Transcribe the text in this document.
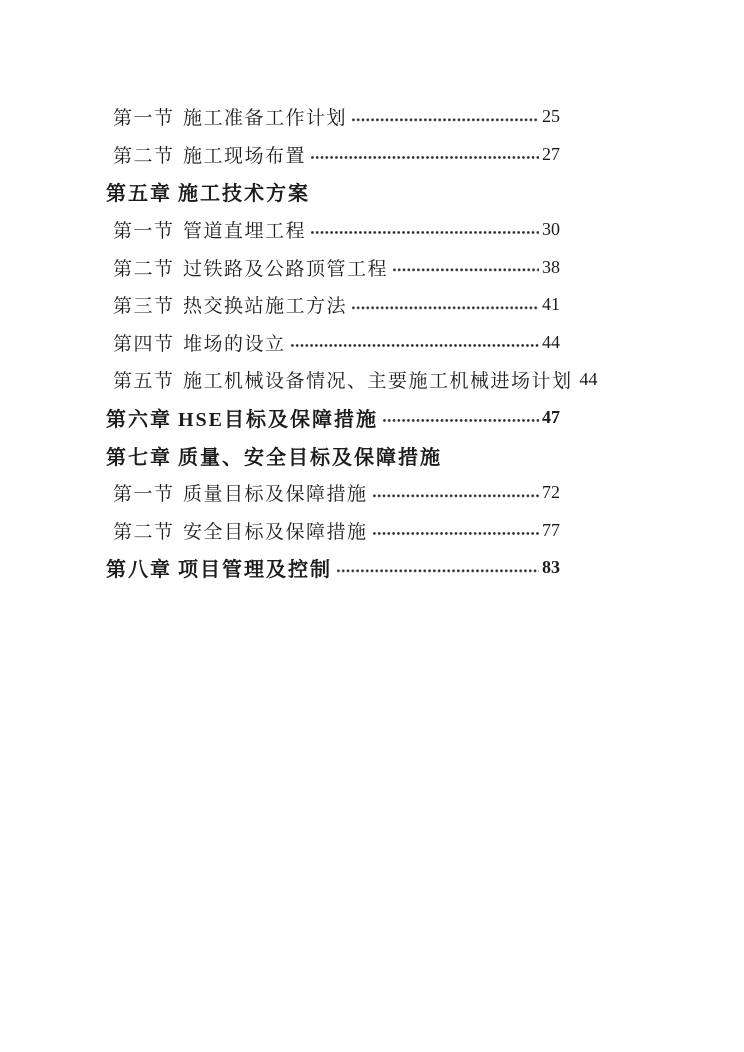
第一节 施工准备工作计划	25
第二节 施工现场布置	27
第五章 施工技术方案
第一节 管道直埋工程	30
第二节 过铁路及公路顶管工程	38
第三节 热交换站施工方法	41
第四节 堆场的设立	44
第五节 施工机械设备情况、主要施工机械进场计划 44
第六章 HSE目标及保障措施	47
第七章 质量、安全目标及保障措施
第一节 质量目标及保障措施	72
第二节 安全目标及保障措施	77
第八章 项目管理及控制	83
